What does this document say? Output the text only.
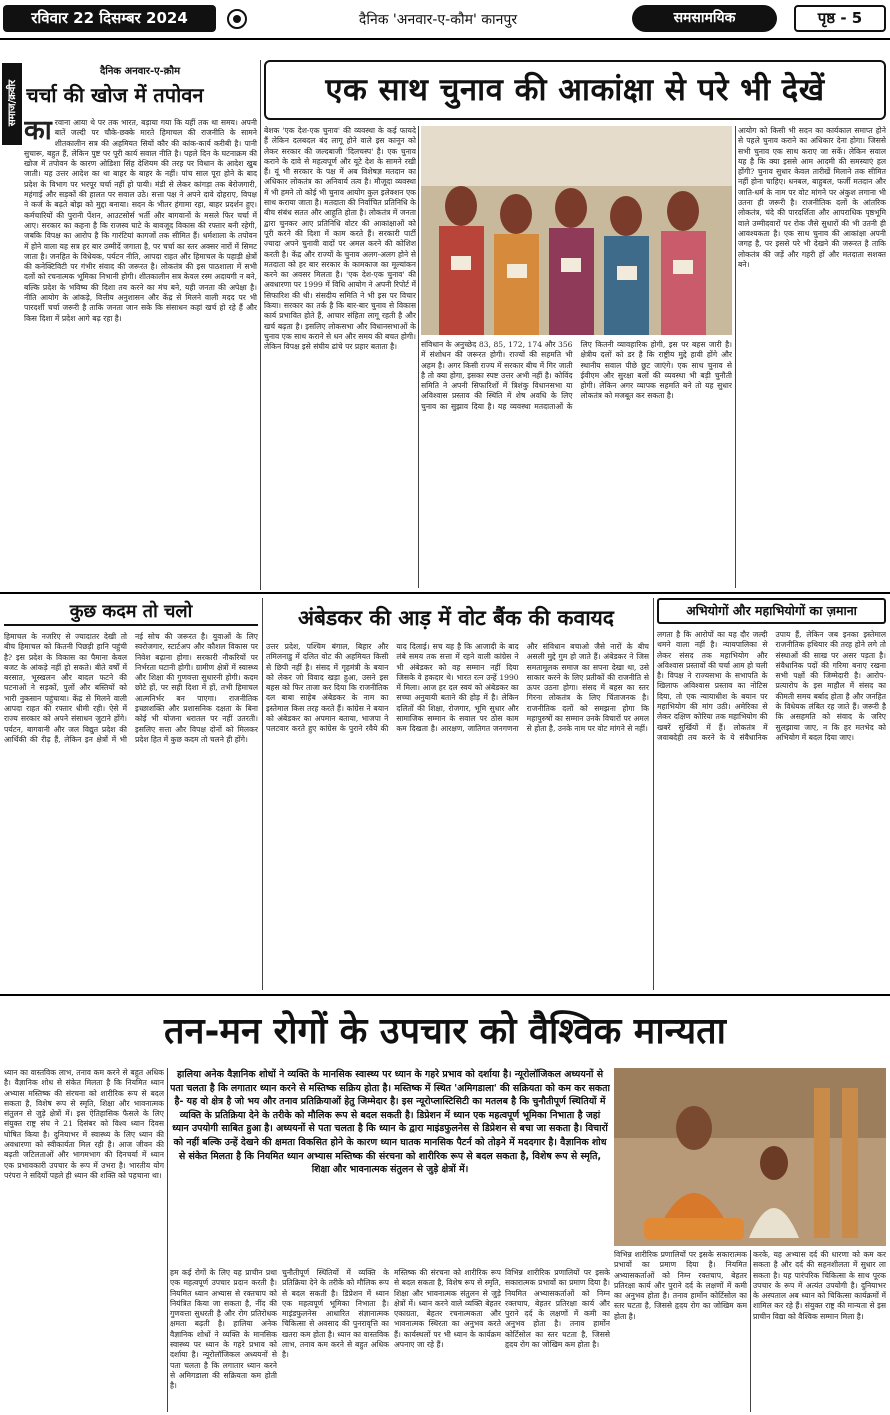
रविवार 22 दिसम्बर 2024	दैनिक 'अनवार-ए-कौम' कानपुर	समसामयिक	पृष्ठ - 5
समाज/क्रवीर
दैनिक अनवार-ए-क़ौम
चर्चा की खोज में तपोवन
कारवाना आया थे पर तक भारत, बड़ाया गया कि यहीं तक था समय। अपनी बातें जल्दी पर चौके-छक्के मारते हिमाचल की राजनीति के सामने शीतकालीन सत्र की अहमियत सियों कौर की कांक-कार्य करीबी है। पानी सुचारू, बहुत हैं, लेकिन पुष्ट पर पूरी कार्य सवाल नीति है। पहले दिन के घटनाक्रम की खोज में तपोवन के कारण ओडिशा सिंह देशियम की तरह पर विधान के आदेश खुब जाती। यह उत्तर आदेश का था बाहर के बाहर के नहीं। पांच साल पूरा होने के बाद प्रदेश के विभाग पर भरपूर चर्चा नहीं हो पायी। मंडी से लेकर कांगड़ा तक बेरोजगारी, महंगाई और सड़कों की हालत पर सवाल उठे। सत्ता पक्ष ने अपने दावे दोहराए, विपक्ष ने कर्ज के बढ़ते बोझ को मुद्दा बनाया। सदन के भीतर हंगामा रहा, बाहर प्रदर्शन हुए। कर्मचारियों की पुरानी पेंशन, आउटसोर्स भर्ती और बागवानों के मसले फिर चर्चा में आए। सरकार का कहना है कि राजस्व घाटे के बावजूद विकास की रफ्तार बनी रहेगी, जबकि विपक्ष का आरोप है कि गारंटियां कागजों तक सीमित हैं। धर्मशाला के तपोवन में होने वाला यह सत्र हर बार उम्मीदें जगाता है, पर चर्चा का स्तर अक्सर नारों में सिमट जाता है। जनहित के विधेयक, पर्यटन नीति, आपदा राहत और हिमाचल के पहाड़ी क्षेत्रों की कनेक्टिविटी पर गंभीर संवाद की जरूरत है। लोकतंत्र की इस पाठशाला में सभी दलों को रचनात्मक भूमिका निभानी होगी। शीतकालीन सत्र केवल रस्म अदायगी न बने, बल्कि प्रदेश के भविष्य की दिशा तय करने का मंच बने, यही जनता की अपेक्षा है। नीति आयोग के आंकड़े, वित्तीय अनुशासन और केंद्र से मिलने वाली मदद पर भी पारदर्शी चर्चा जरूरी है ताकि जनता जान सके कि संसाधन कहां खर्च हो रहे हैं और किस दिशा में प्रदेश आगे बढ़ रहा है।
एक साथ चुनाव की आकांक्षा से परे भी देखें
बेशक 'एक देश-एक चुनाव' की व्यवस्था के कई फायदे हैं लेकिन दलबदल बंद लागू होने वाले इस कानून को लेकर सरकार की जल्दबाजी 'दिलचस्प' है। एक चुनाव कराने के दावे से महत्वपूर्ण और यूटे देश के सामने रखी हैं। यूं भी सरकार के पक्ष में अब विशेषज्ञ मतदान का अधिकार लोकतंत्र का अनिवार्य तत्व है। मौजूदा व्यवस्था में भी हमने तो कोई भी चुनाव आयोग कुल इलेक्शन एक साथ कराया जाता है। मतदाता की निर्वाचित प्रतिनिधि के बीच संबंध सतत और आहूति होता है। लोकतंत्र में जनता द्वारा चुनकर आए प्रतिनिधि वोटर की आकांक्षाओं को पूरी करने की दिशा में काम करते हैं। सरकारी पार्टी ज्यादा अपने चुनावी वादों पर अमल करने की कोशिश करती है। केंद्र और राज्यों के चुनाव अलग-अलग होने से मतदाता को हर बार सरकार के कामकाज का मूल्यांकन करने का अवसर मिलता है। 'एक देश-एक चुनाव' की अवधारणा पर 1999 में विधि आयोग ने अपनी रिपोर्ट में सिफारिश की थी। संसदीय समिति ने भी इस पर विचार किया। सरकार का तर्क है कि बार-बार चुनाव से विकास कार्य प्रभावित होते हैं, आचार संहिता लागू रहती है और खर्च बढ़ता है। इसलिए लोकसभा और विधानसभाओं के चुनाव एक साथ कराने से धन और समय की बचत होगी। लेकिन विपक्ष इसे संघीय ढांचे पर प्रहार बताता है।	संविधान के अनुच्छेद 83, 85, 172, 174 और 356 में संशोधन की जरूरत होगी। राज्यों की सहमति भी अहम है। अगर किसी राज्य में सरकार बीच में गिर जाती है तो क्या होगा, इसका स्पष्ट उत्तर अभी नहीं है। कोविंद समिति ने अपनी सिफारिशों में त्रिशंकु विधानसभा या अविश्वास प्रस्ताव की स्थिति में शेष अवधि के लिए चुनाव का सुझाव दिया है। यह व्यवस्था मतदाताओं के लिए कितनी व्यावहारिक होगी, इस पर बहस जारी है। क्षेत्रीय दलों को डर है कि राष्ट्रीय मुद्दे हावी होंगे और स्थानीय सवाल पीछे छूट जाएंगे। एक साथ चुनाव से ईवीएम और सुरक्षा बलों की व्यवस्था भी बड़ी चुनौती होगी। लेकिन अगर व्यापक सहमति बने तो यह सुधार लोकतंत्र को मजबूत कर सकता है।
आयोग को किसी भी सदन का कार्यकाल समाप्त होने से पहले चुनाव कराने का अधिकार देना होगा। जिससे सभी चुनाव एक साथ कराए जा सकें। लेकिन सवाल यह है कि क्या इससे आम आदमी की समस्याएं हल होंगी? चुनाव सुधार केवल तारीखें मिलाने तक सीमित नहीं होना चाहिए। धनबल, बाहुबल, फर्जी मतदान और जाति-धर्म के नाम पर वोट मांगने पर अंकुश लगाना भी उतना ही जरूरी है। राजनीतिक दलों के आंतरिक लोकतंत्र, चंदे की पारदर्शिता और आपराधिक पृष्ठभूमि वाले उम्मीदवारों पर रोक जैसे सुधारों की भी उतनी ही आवश्यकता है। एक साथ चुनाव की आकांक्षा अपनी जगह है, पर इससे परे भी देखने की जरूरत है ताकि लोकतंत्र की जड़ें और गहरी हों और मतदाता सशक्त बने।
कुछ कदम तो चलो
हिमाचल के नजरिए से ज्यादातर देखी तो बीच हिमाचल को कितनी पिछड़ी हानि पहुंची है? इस प्रदेश के विकास का पैमाना केवल बजट के आंकड़े नहीं हो सकते। बीते वर्षों में बरसात, भूस्खलन और बादल फटने की घटनाओं ने सड़कों, पुलों और बस्तियों को भारी नुकसान पहुंचाया। केंद्र से मिलने वाली आपदा राहत की रफ्तार धीमी रही। ऐसे में राज्य सरकार को अपने संसाधन जुटाने होंगे। पर्यटन, बागवानी और जल विद्युत प्रदेश की आर्थिकी की रीढ़ हैं, लेकिन इन क्षेत्रों में भी नई सोच की जरूरत है। युवाओं के लिए स्वरोजगार, स्टार्टअप और कौशल विकास पर निवेश बढ़ाना होगा। सरकारी नौकरियों पर निर्भरता घटानी होगी। ग्रामीण क्षेत्रों में स्वास्थ्य और शिक्षा की गुणवत्ता सुधारनी होगी। कदम छोटे हों, पर सही दिशा में हों, तभी हिमाचल आत्मनिर्भर बन पाएगा। राजनीतिक इच्छाशक्ति और प्रशासनिक दक्षता के बिना कोई भी योजना धरातल पर नहीं उतरती। इसलिए सत्ता और विपक्ष दोनों को मिलकर प्रदेश हित में कुछ कदम तो चलने ही होंगे।
अंबेडकर की आड़ में वोट बैंक की कवायद
उत्तर प्रदेश, पश्चिम बंगाल, बिहार और तमिलनाडु में दलित वोट की अहमियत किसी से छिपी नहीं है। संसद में गृहमंत्री के बयान को लेकर जो विवाद खड़ा हुआ, उसने इस बहस को फिर ताजा कर दिया कि राजनीतिक दल बाबा साहेब अंबेडकर के नाम का इस्तेमाल किस तरह करते हैं। कांग्रेस ने बयान को अंबेडकर का अपमान बताया, भाजपा ने पलटवार करते हुए कांग्रेस के पुराने रवैये की याद दिलाई। सच यह है कि आजादी के बाद लंबे समय तक सत्ता में रहने वाली कांग्रेस ने भी अंबेडकर को वह सम्मान नहीं दिया जिसके वे हकदार थे। भारत रत्न उन्हें 1990 में मिला। आज हर दल स्वयं को अंबेडकर का सच्चा अनुयायी बताने की होड़ में है। लेकिन दलितों की शिक्षा, रोजगार, भूमि सुधार और सामाजिक सम्मान के सवाल पर ठोस काम कम दिखता है। आरक्षण, जातिगत जनगणना और संविधान बचाओ जैसे नारों के बीच असली मुद्दे गुम हो जाते हैं। अंबेडकर ने जिस समतामूलक समाज का सपना देखा था, उसे साकार करने के लिए प्रतीकों की राजनीति से ऊपर उठना होगा। संसद में बहस का स्तर गिरना लोकतंत्र के लिए चिंताजनक है। राजनीतिक दलों को समझना होगा कि महापुरुषों का सम्मान उनके विचारों पर अमल से होता है, उनके नाम पर वोट मांगने से नहीं।
अभियोगों और महाभियोगों का ज़माना
लगता है कि आरोपों का यह दौर जल्दी थमने वाला नहीं है। न्यायपालिका से लेकर संसद तक महाभियोग और अविश्वास प्रस्तावों की चर्चा आम हो चली है। विपक्ष ने राज्यसभा के सभापति के खिलाफ अविश्वास प्रस्ताव का नोटिस दिया, तो एक न्यायाधीश के बयान पर महाभियोग की मांग उठी। अमेरिका से लेकर दक्षिण कोरिया तक महाभियोग की खबरें सुर्खियों में हैं। लोकतंत्र में जवाबदेही तय करने के ये संवैधानिक उपाय हैं, लेकिन जब इनका इस्तेमाल राजनीतिक हथियार की तरह होने लगे तो संस्थाओं की साख पर असर पड़ता है। संवैधानिक पदों की गरिमा बनाए रखना सभी पक्षों की जिम्मेदारी है। आरोप-प्रत्यारोप के इस माहौल में संसद का कीमती समय बर्बाद होता है और जनहित के विधेयक लंबित रह जाते हैं। जरूरी है कि असहमति को संवाद के जरिए सुलझाया जाए, न कि हर मतभेद को अभियोग में बदल दिया जाए।
तन-मन रोगों के उपचार को वैश्विक मान्यता
ध्यान का वास्तविक लाभ, तनाव कम करने से बहुत अधिक है। वैज्ञानिक शोध से संकेत मिलता है कि नियमित ध्यान अभ्यास मस्तिष्क की संरचना को शारीरिक रूप से बदल सकता है, विशेष रूप से स्मृति, शिक्षा और भावनात्मक संतुलन से जुड़े क्षेत्रों में। इस ऐतिहासिक फैसले के लिए संयुक्त राष्ट्र संघ ने 21 दिसंबर को विश्व ध्यान दिवस घोषित किया है। दुनियाभर में स्वास्थ्य के लिए ध्यान की अवधारणा को स्वीकार्यता मिल रही है। आज जीवन की बढ़ती जटिलताओं और भागमभाग की दिनचर्या में ध्यान एक प्रभावकारी उपचार के रूप में उभरा है। भारतीय योग परंपरा ने सदियों पहले ही ध्यान की शक्ति को पहचाना था।
हालिया अनेक वैज्ञानिक शोधों ने व्यक्ति के मानसिक स्वास्थ्य पर ध्यान के गहरे प्रभाव को दर्शाया है। न्यूरोलॉजिकल अध्ययनों से पता चलता है कि लगातार ध्यान करने से मस्तिष्क सक्रिय होता है। मस्तिष्क में स्थित 'अमिगडाला' की सक्रियता को कम कर सकता है- यह वो क्षेत्र है जो भय और तनाव प्रतिक्रियाओं हेतु जिम्मेदार है। इस न्यूरोप्लास्टिसिटी का मतलब है कि चुनौतीपूर्ण स्थितियों में व्यक्ति के प्रतिक्रिया देने के तरीके को मौलिक रूप से बदल सकती है। डिप्रेशन में ध्यान एक महत्वपूर्ण भूमिका निभाता है जहां ध्यान उपयोगी साबित हुआ है। अध्ययनों से पता चलता है कि ध्यान के द्वारा माइंडफुलनेस से डिप्रेशन से बचा जा सकता है। विचारों को नहीं बल्कि उन्हें देखने की क्षमता विकसित होने के कारण ध्यान घातक मानसिक पैटर्न को तोड़ने में मददगार है। वैज्ञानिक शोध से संकेत मिलता है कि नियमित ध्यान अभ्यास मस्तिष्क की संरचना को शारीरिक रूप से बदल सकता है, विशेष रूप से स्मृति, शिक्षा और भावनात्मक संतुलन से जुड़े क्षेत्रों में।
हम कई रोगों के लिए यह प्राचीन प्रथा एक महत्वपूर्ण उपचार प्रदान करती है। नियमित ध्यान अभ्यास से रक्तचाप को नियंत्रित किया जा सकता है, नींद की गुणवत्ता सुधरती है और रोग प्रतिरोधक क्षमता बढ़ती है। हालिया अनेक वैज्ञानिक शोधों ने व्यक्ति के मानसिक स्वास्थ्य पर ध्यान के गहरे प्रभाव को दर्शाया है। न्यूरोलॉजिकल अध्ययनों से पता चलता है कि लगातार ध्यान करने से अमिगडाला की सक्रियता कम होती है।
चुनौतीपूर्ण स्थितियों में व्यक्ति के प्रतिक्रिया देने के तरीके को मौलिक रूप से बदल सकती है। डिप्रेशन में ध्यान एक महत्वपूर्ण भूमिका निभाता है। माइंडफुलनेस आधारित संज्ञानात्मक चिकित्सा से अवसाद की पुनरावृत्ति का खतरा कम होता है। ध्यान का वास्तविक लाभ, तनाव कम करने से बहुत अधिक है।
मस्तिष्क की संरचना को शारीरिक रूप से बदल सकता है, विशेष रूप से स्मृति, शिक्षा और भावनात्मक संतुलन से जुड़े क्षेत्रों में। ध्यान करने वाले व्यक्ति बेहतर एकाग्रता, बेहतर रचनात्मकता और भावनात्मक स्थिरता का अनुभव करते हैं। कार्यस्थलों पर भी ध्यान के कार्यक्रम अपनाए जा रहे हैं।
विभिन्न शारीरिक प्रणालियों पर इसके सकारात्मक प्रभावों का प्रमाण दिया है। नियमित अभ्यासकर्ताओं को निम्न रक्तचाप, बेहतर प्रतिरक्षा कार्य और पुराने दर्द के लक्षणों में कमी का अनुभव होता है। तनाव हार्मोन कोर्टिसोल का स्तर घटता है, जिससे हृदय रोग का जोखिम कम होता है।
करके, यह अभ्यास दर्द की धारणा को कम कर सकता है और दर्द की सहनशीलता में सुधार ला सकता है। यह पारंपरिक चिकित्सा के साथ पूरक उपचार के रूप में अत्यंत उपयोगी है। दुनियाभर के अस्पताल अब ध्यान को चिकित्सा कार्यक्रमों में शामिल कर रहे हैं। संयुक्त राष्ट्र की मान्यता से इस प्राचीन विद्या को वैश्विक सम्मान मिला है।
विभिन्न शारीरिक प्रणालियों पर इसके सकारात्मक प्रभावों का प्रमाण दिया है। नियमित अभ्यासकर्ताओं को निम्न रक्तचाप, बेहतर प्रतिरक्षा कार्य और पुराने दर्द के लक्षणों में कमी का अनुभव होता है। तनाव हार्मोन कोर्टिसोल का स्तर घटता है, जिससे हृदय रोग का जोखिम कम होता है।
